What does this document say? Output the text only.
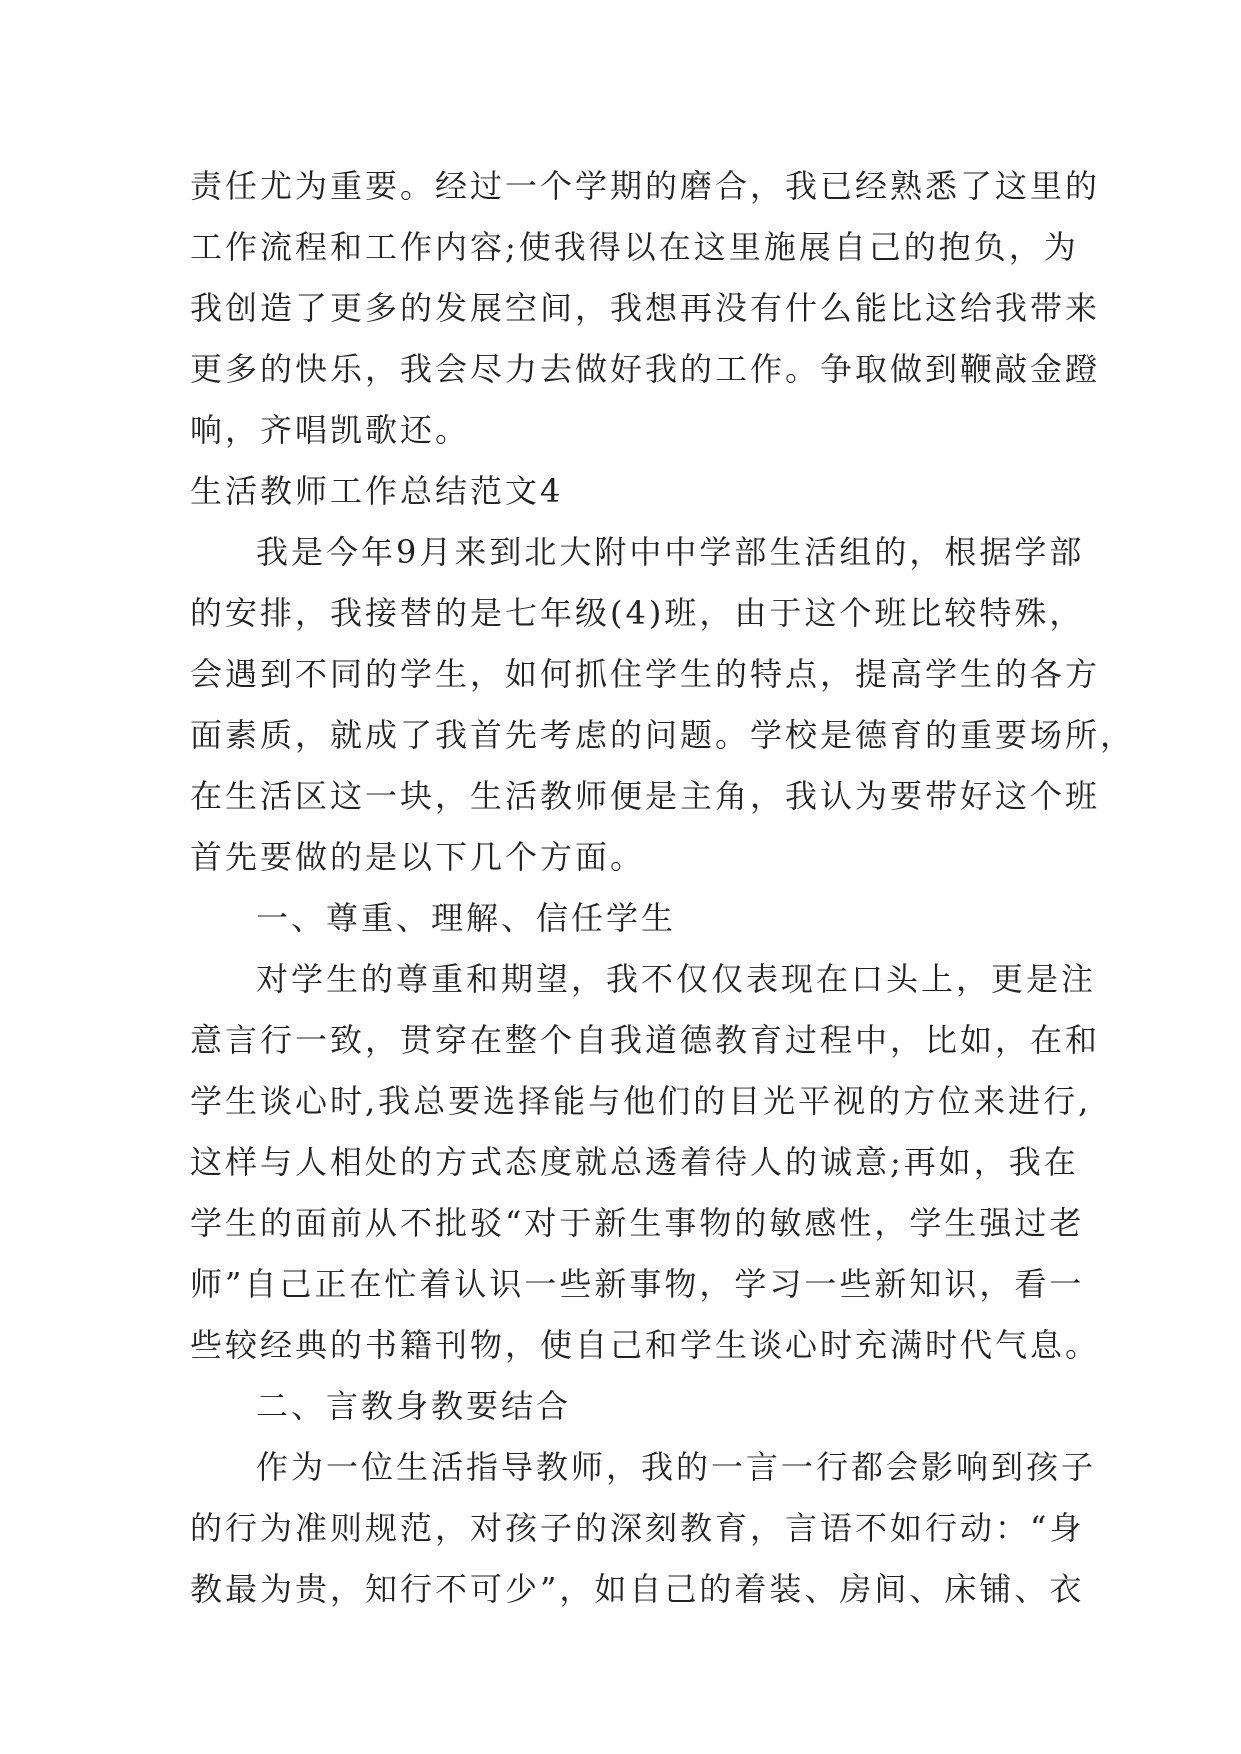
责任尤为重要。经过一个学期的磨合，我已经熟悉了这里的
工作流程和工作内容;使我得以在这里施展自己的抱负，为
我创造了更多的发展空间，我想再没有什么能比这给我带来
更多的快乐，我会尽力去做好我的工作。争取做到鞭敲金蹬
响，齐唱凯歌还。
生活教师工作总结范文4
我是今年9月来到北大附中中学部生活组的，根据学部
的安排，我接替的是七年级(4)班，由于这个班比较特殊，
会遇到不同的学生，如何抓住学生的特点，提高学生的各方
面素质，就成了我首先考虑的问题。学校是德育的重要场所，
在生活区这一块，生活教师便是主角，我认为要带好这个班
首先要做的是以下几个方面。
一、尊重、理解、信任学生
对学生的尊重和期望，我不仅仅表现在口头上，更是注
意言行一致，贯穿在整个自我道德教育过程中，比如，在和
学生谈心时,我总要选择能与他们的目光平视的方位来进行,
这样与人相处的方式态度就总透着待人的诚意;再如，我在
学生的面前从不批驳“对于新生事物的敏感性，学生强过老
师”自己正在忙着认识一些新事物，学习一些新知识，看一
些较经典的书籍刊物，使自己和学生谈心时充满时代气息。
二、言教身教要结合
作为一位生活指导教师，我的一言一行都会影响到孩子
的行为准则规范，对孩子的深刻教育，言语不如行动：“身
教最为贵，知行不可少”，如自己的着装、房间、床铺、衣
